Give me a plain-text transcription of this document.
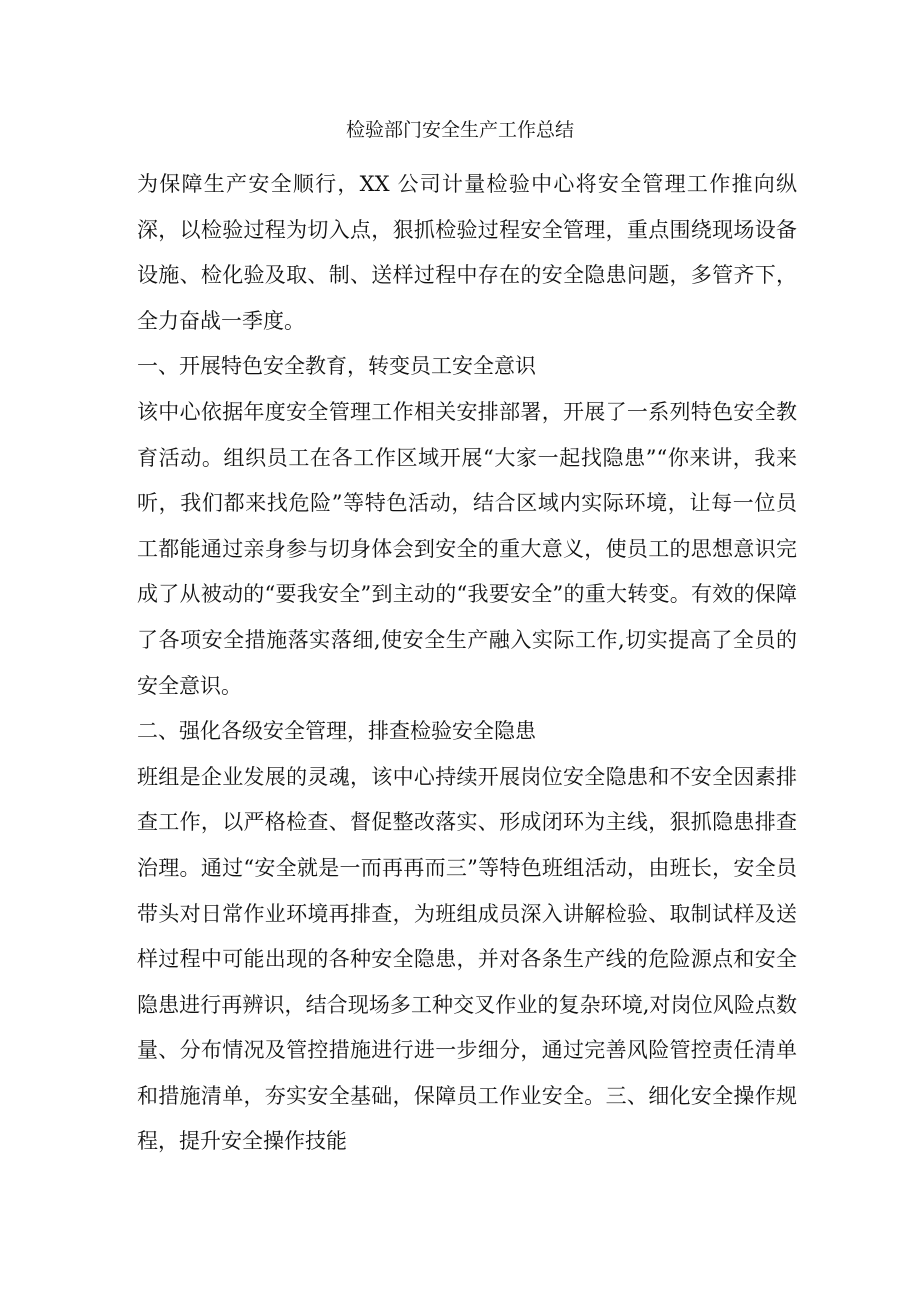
检验部门安全生产工作总结

为保障生产安全顺行，XX 公司计量检验中心将安全管理工作推向纵深，以检验过程为切入点，狠抓检验过程安全管理，重点围绕现场设备设施、检化验及取、制、送样过程中存在的安全隐患问题，多管齐下，全力奋战一季度。

一、开展特色安全教育，转变员工安全意识

该中心依据年度安全管理工作相关安排部署，开展了一系列特色安全教育活动。组织员工在各工作区域开展“大家一起找隐患”“你来讲，我来听，我们都来找危险”等特色活动，结合区域内实际环境，让每一位员工都能通过亲身参与切身体会到安全的重大意义，使员工的思想意识完成了从被动的“要我安全”到主动的“我要安全”的重大转变。有效的保障了各项安全措施落实落细,使安全生产融入实际工作,切实提高了全员的安全意识。

二、强化各级安全管理，排查检验安全隐患

班组是企业发展的灵魂，该中心持续开展岗位安全隐患和不安全因素排查工作，以严格检查、督促整改落实、形成闭环为主线，狠抓隐患排查治理。通过“安全就是一而再再而三”等特色班组活动，由班长，安全员带头对日常作业环境再排查，为班组成员深入讲解检验、取制试样及送样过程中可能出现的各种安全隐患，并对各条生产线的危险源点和安全隐患进行再辨识，结合现场多工种交叉作业的复杂环境,对岗位风险点数量、分布情况及管控措施进行进一步细分，通过完善风险管控责任清单和措施清单，夯实安全基础，保障员工作业安全。三、细化安全操作规程，提升安全操作技能
